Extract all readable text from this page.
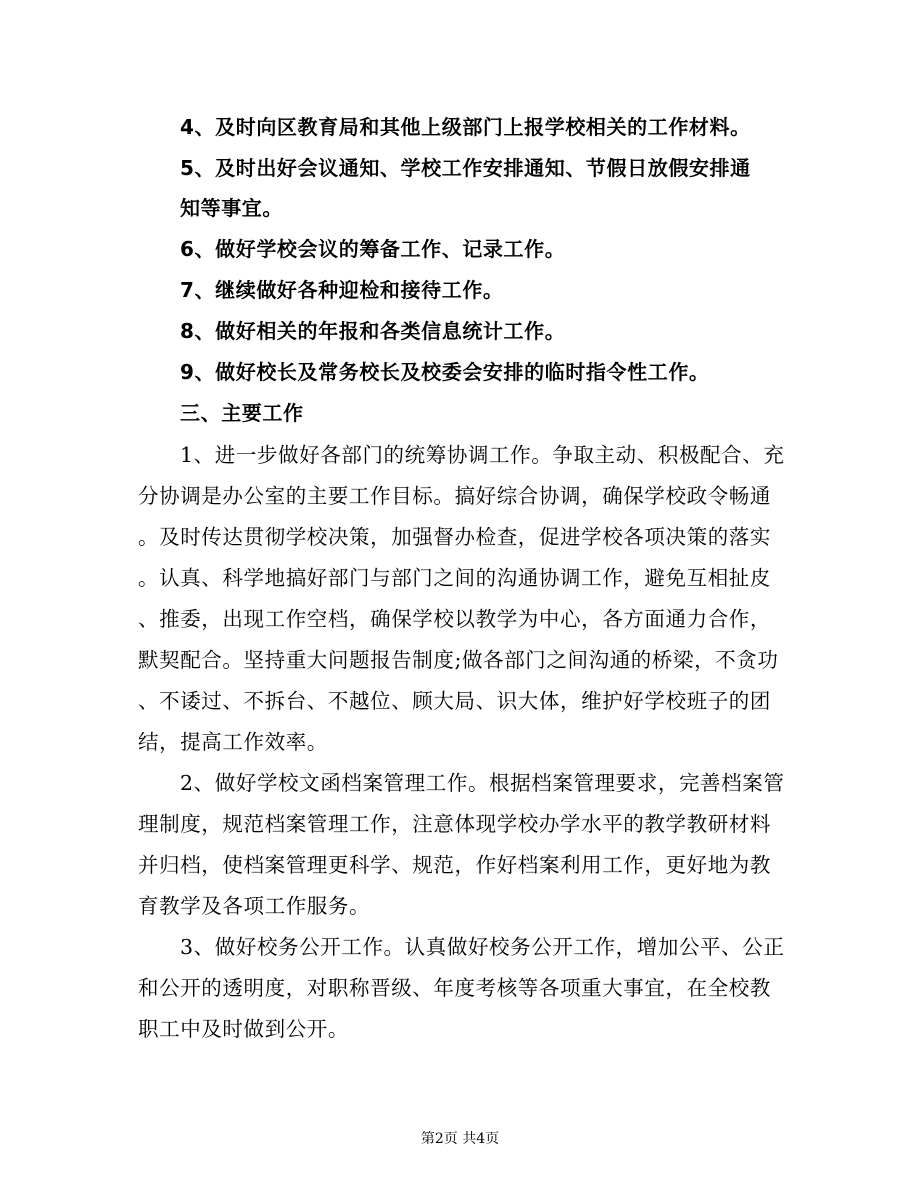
4、及时向区教育局和其他上级部门上报学校相关的工作材料。
5、及时出好会议通知、学校工作安排通知、节假日放假安排通
知等事宜。
6、做好学校会议的筹备工作、记录工作。
7、继续做好各种迎检和接待工作。
8、做好相关的年报和各类信息统计工作。
9、做好校长及常务校长及校委会安排的临时指令性工作。
三、主要工作
1、进一步做好各部门的统筹协调工作。争取主动、积极配合、充
分协调是办公室的主要工作目标。搞好综合协调，确保学校政令畅通
。及时传达贯彻学校决策，加强督办检查，促进学校各项决策的落实
。认真、科学地搞好部门与部门之间的沟通协调工作，避免互相扯皮
、推委，出现工作空档，确保学校以教学为中心，各方面通力合作，
默契配合。坚持重大问题报告制度;做各部门之间沟通的桥梁，不贪功
、不诿过、不拆台、不越位、顾大局、识大体，维护好学校班子的团
结，提高工作效率。
2、做好学校文函档案管理工作。根据档案管理要求，完善档案管
理制度，规范档案管理工作，注意体现学校办学水平的教学教研材料
并归档，使档案管理更科学、规范，作好档案利用工作，更好地为教
育教学及各项工作服务。
3、做好校务公开工作。认真做好校务公开工作，增加公平、公正
和公开的透明度，对职称晋级、年度考核等各项重大事宜，在全校教
职工中及时做到公开。
第2页 共4页
